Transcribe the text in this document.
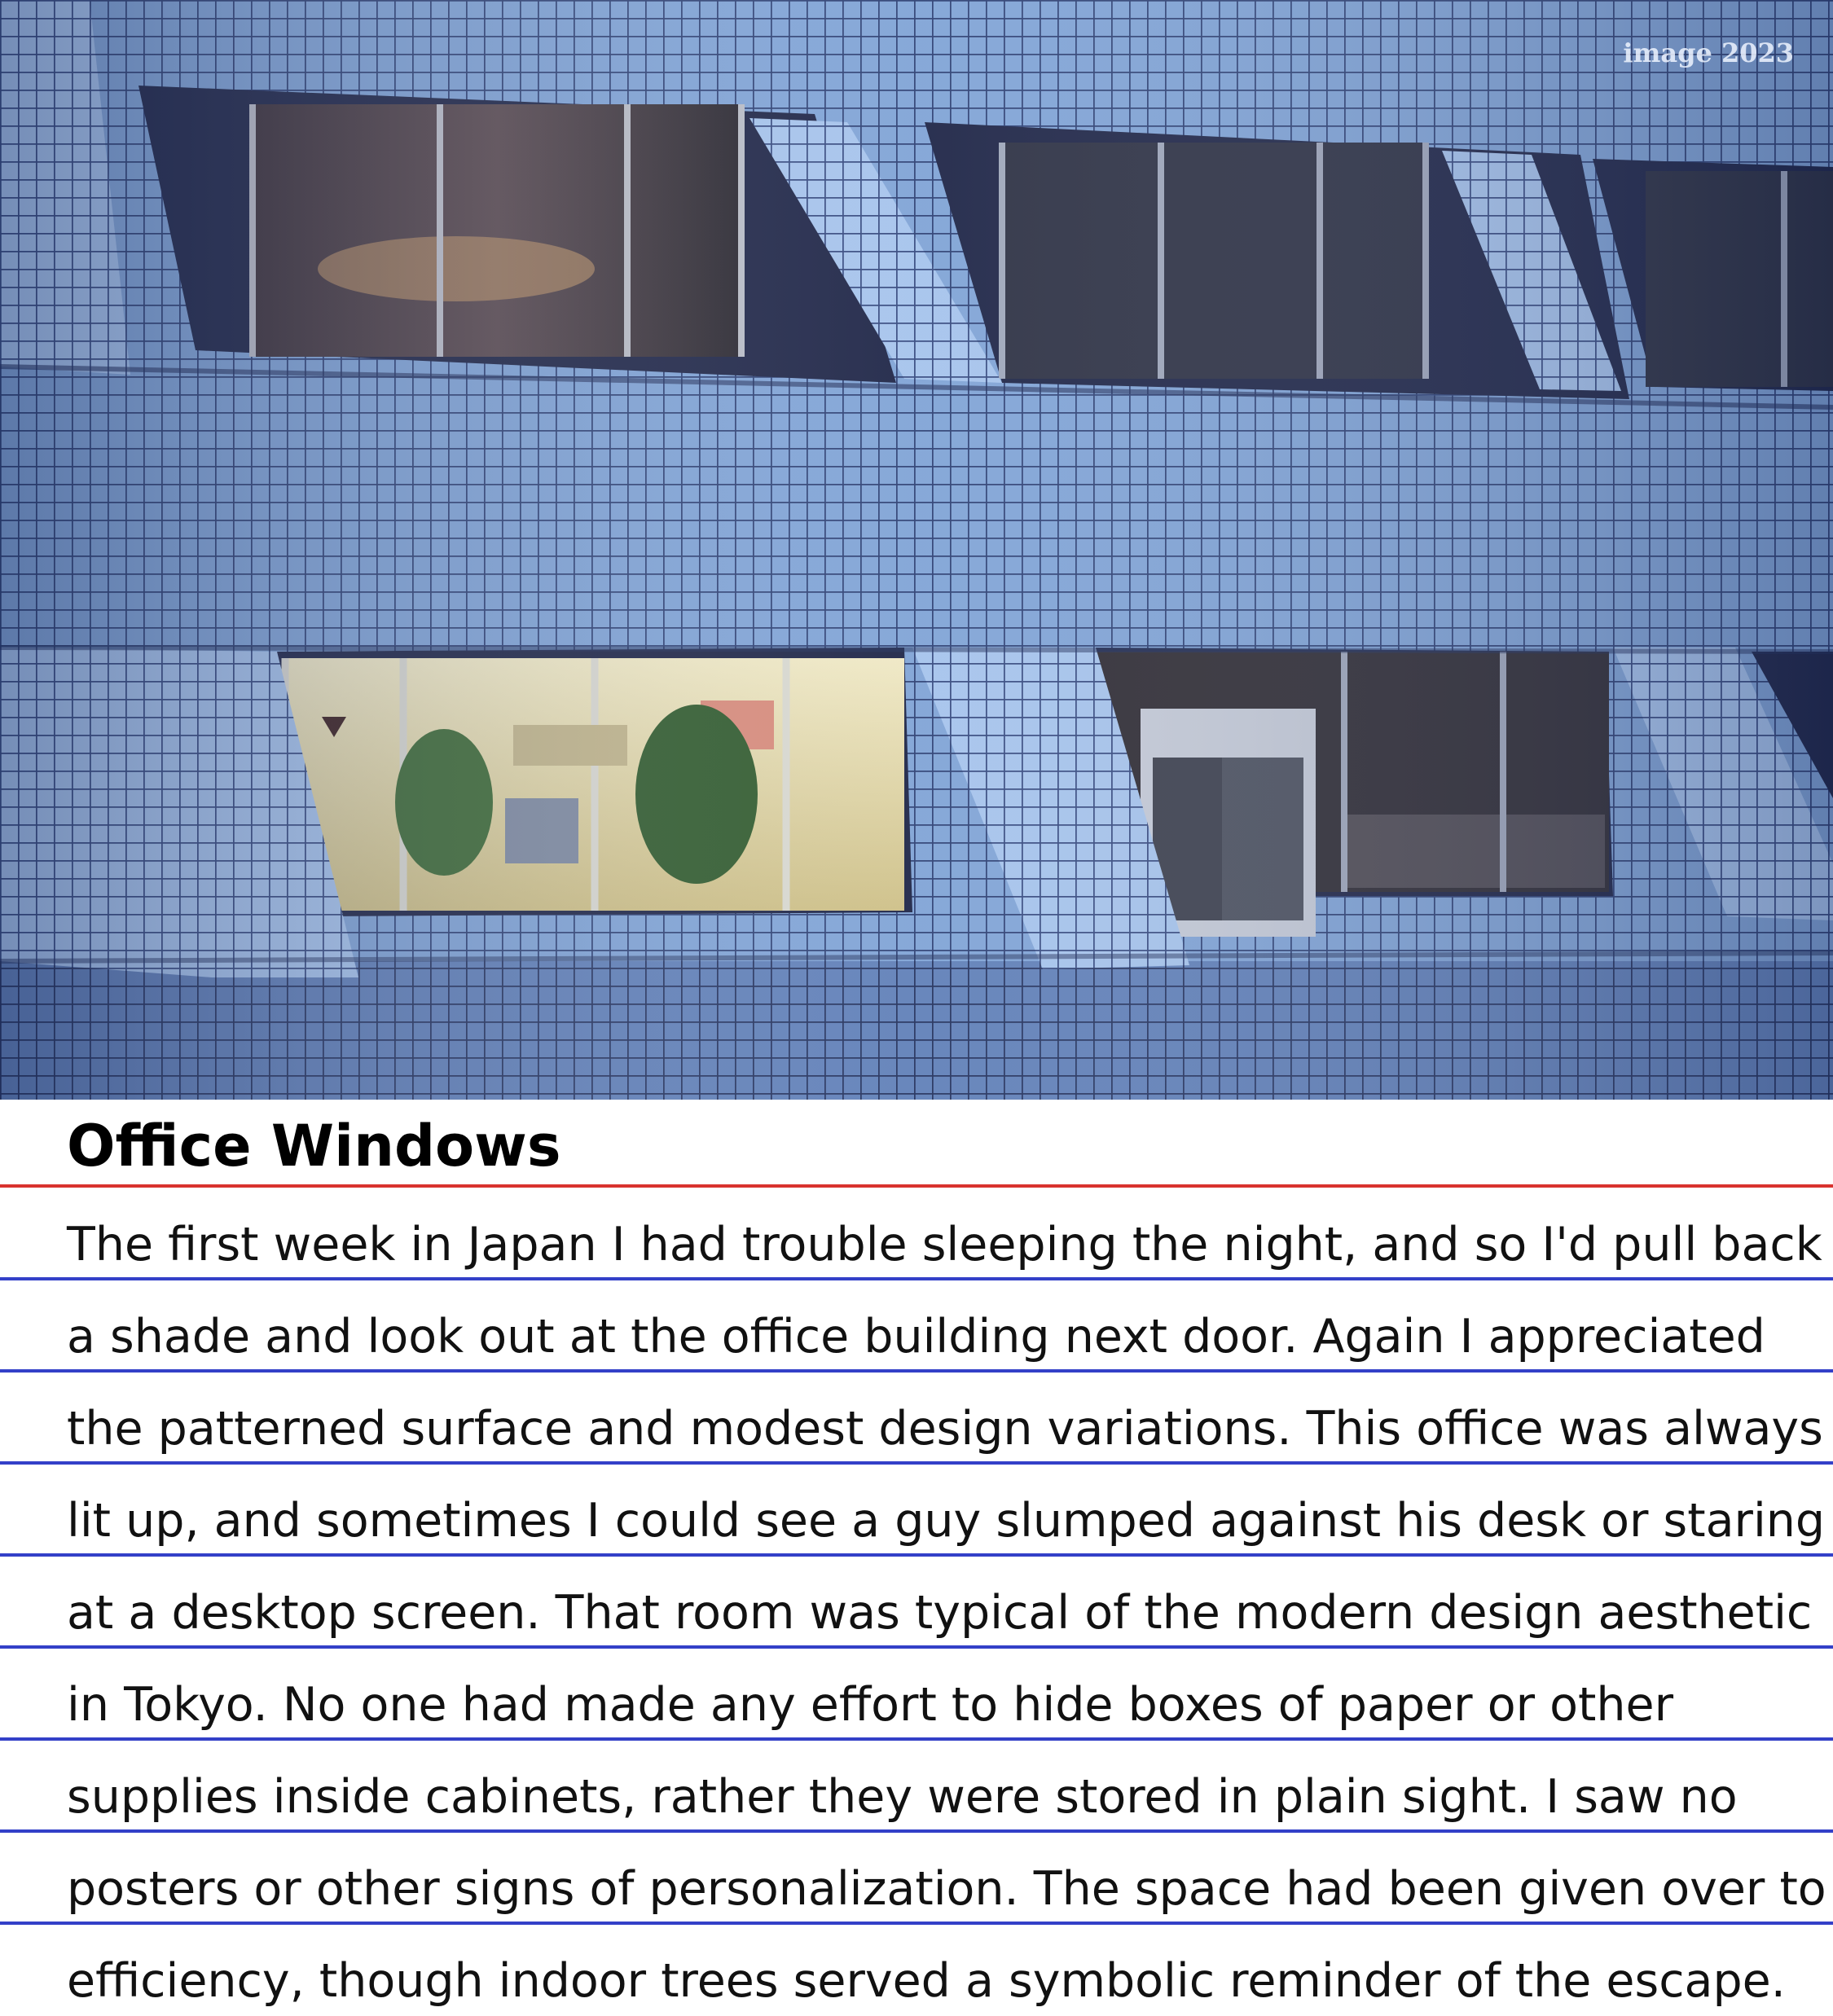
image 2023
Office Windows
The first week in Japan I had trouble sleeping the night, and so I'd pull back
a shade and look out at the office building next door. Again I appreciated
the patterned surface and modest design variations. This office was always
lit up, and sometimes I could see a guy slumped against his desk or staring
at a desktop screen. That room was typical of the modern design aesthetic
in Tokyo. No one had made any effort to hide boxes of paper or other
supplies inside cabinets, rather they were stored in plain sight. I saw no
posters or other signs of personalization. The space had been given over to
efficiency, though indoor trees served a symbolic reminder of the escape.
